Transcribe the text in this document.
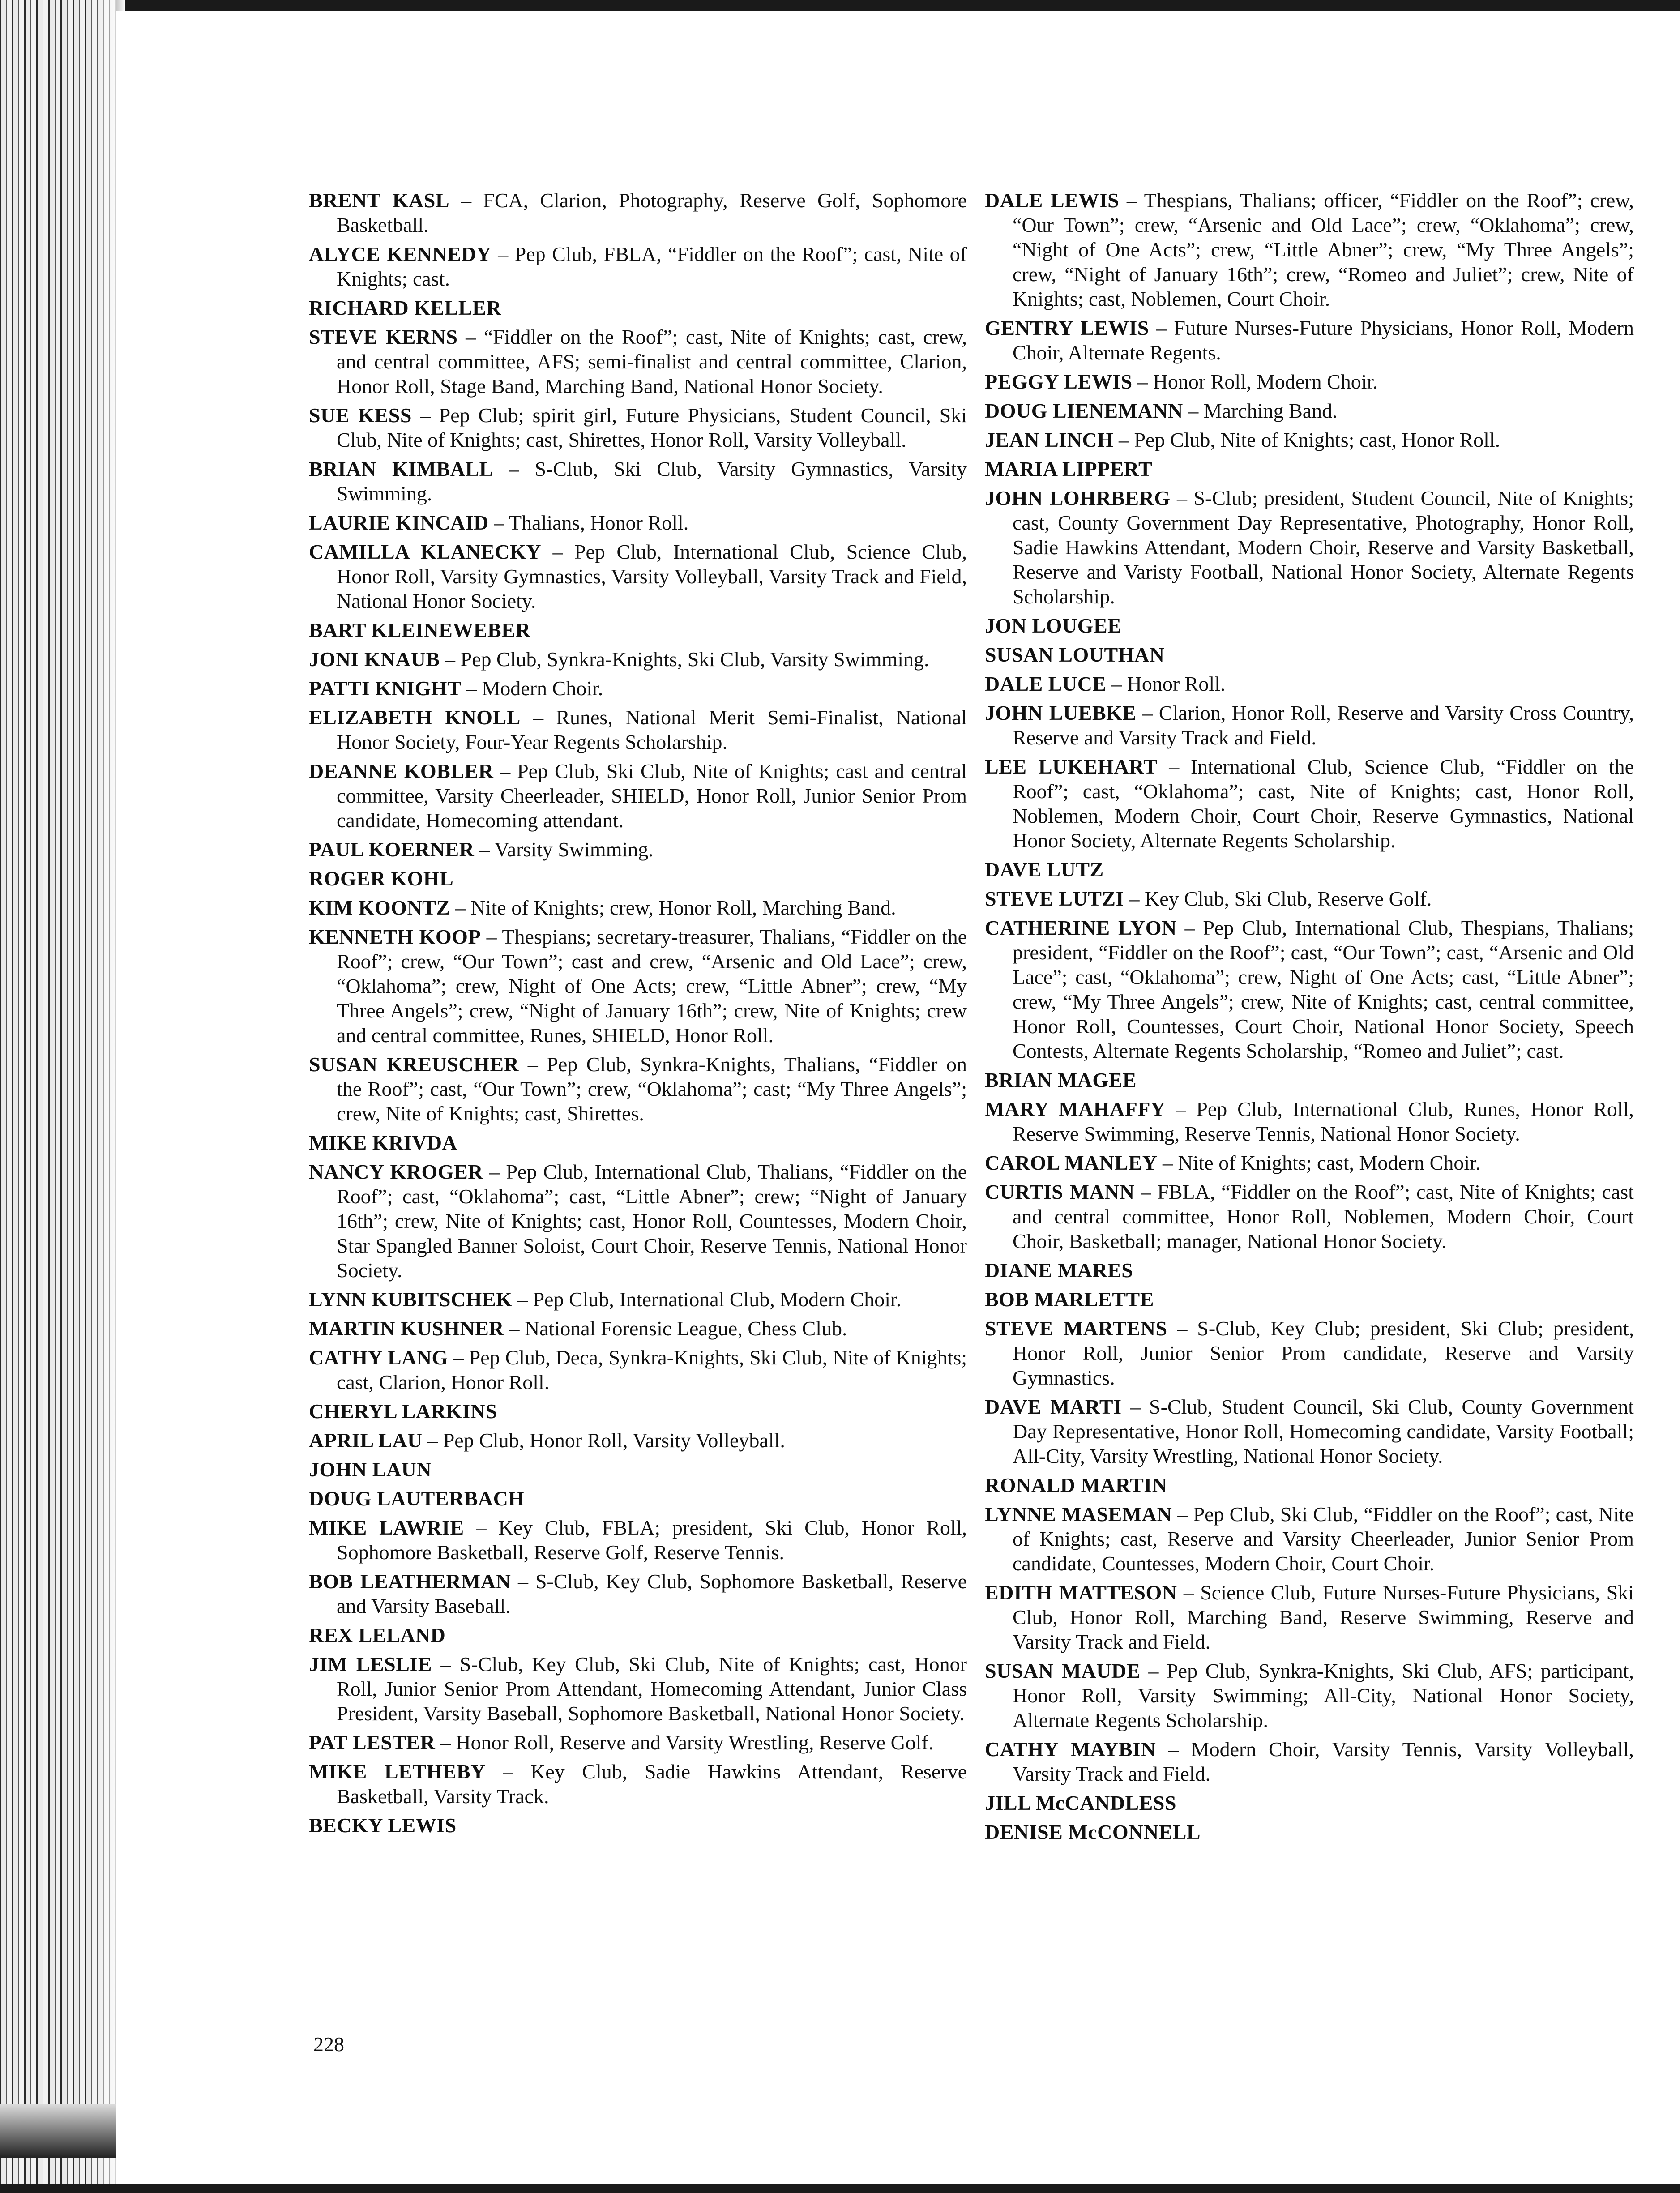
BRENT KASL – FCA, Clarion, Photography, Reserve Golf, Sophomore Basketball.

ALYCE KENNEDY – Pep Club, FBLA, “Fiddler on the Roof”; cast, Nite of Knights; cast.

RICHARD KELLER

STEVE KERNS – “Fiddler on the Roof”; cast, Nite of Knights; cast, crew, and central committee, AFS; semi-finalist and central committee, Clarion, Honor Roll, Stage Band, Marching Band, National Honor Society.

SUE KESS – Pep Club; spirit girl, Future Physicians, Student Council, Ski Club, Nite of Knights; cast, Shirettes, Honor Roll, Varsity Volleyball.

BRIAN KIMBALL – S-Club, Ski Club, Varsity Gymnastics, Varsity Swimming.

LAURIE KINCAID – Thalians, Honor Roll.

CAMILLA KLANECKY – Pep Club, International Club, Science Club, Honor Roll, Varsity Gymnastics, Varsity Volleyball, Varsity Track and Field, National Honor Society.

BART KLEINEWEBER

JONI KNAUB – Pep Club, Synkra-Knights, Ski Club, Varsity Swimming.

PATTI KNIGHT – Modern Choir.

ELIZABETH KNOLL – Runes, National Merit Semi-Finalist, National Honor Society, Four-Year Regents Scholarship.

DEANNE KOBLER – Pep Club, Ski Club, Nite of Knights; cast and central committee, Varsity Cheerleader, SHIELD, Honor Roll, Junior Senior Prom candidate, Homecoming attendant.

PAUL KOERNER – Varsity Swimming.

ROGER KOHL

KIM KOONTZ – Nite of Knights; crew, Honor Roll, Marching Band.

KENNETH KOOP – Thespians; secretary-treasurer, Thalians, “Fiddler on the Roof”; crew, “Our Town”; cast and crew, “Arsenic and Old Lace”; crew, “Oklahoma”; crew, Night of One Acts; crew, “Little Abner”; crew, “My Three Angels”; crew, “Night of January 16th”; crew, Nite of Knights; crew and central committee, Runes, SHIELD, Honor Roll.

SUSAN KREUSCHER – Pep Club, Synkra-Knights, Thalians, “Fiddler on the Roof”; cast, “Our Town”; crew, “Oklahoma”; cast; “My Three Angels”; crew, Nite of Knights; cast, Shirettes.

MIKE KRIVDA

NANCY KROGER – Pep Club, International Club, Thalians, “Fiddler on the Roof”; cast, “Oklahoma”; cast, “Little Abner”; crew; “Night of January 16th”; crew, Nite of Knights; cast, Honor Roll, Countesses, Modern Choir, Star Spangled Banner Soloist, Court Choir, Reserve Tennis, National Honor Society.

LYNN KUBITSCHEK – Pep Club, International Club, Modern Choir.

MARTIN KUSHNER – National Forensic League, Chess Club.

CATHY LANG – Pep Club, Deca, Synkra-Knights, Ski Club, Nite of Knights; cast, Clarion, Honor Roll.

CHERYL LARKINS

APRIL LAU – Pep Club, Honor Roll, Varsity Volleyball.

JOHN LAUN

DOUG LAUTERBACH

MIKE LAWRIE – Key Club, FBLA; president, Ski Club, Honor Roll, Sophomore Basketball, Reserve Golf, Reserve Tennis.

BOB LEATHERMAN – S-Club, Key Club, Sophomore Basketball, Reserve and Varsity Baseball.

REX LELAND

JIM LESLIE – S-Club, Key Club, Ski Club, Nite of Knights; cast, Honor Roll, Junior Senior Prom Attendant, Homecoming Attendant, Junior Class President, Varsity Baseball, Sophomore Basketball, National Honor Society.

PAT LESTER – Honor Roll, Reserve and Varsity Wrestling, Reserve Golf.

MIKE LETHEBY – Key Club, Sadie Hawkins Attendant, Reserve Basketball, Varsity Track.

BECKY LEWIS

DALE LEWIS – Thespians, Thalians; officer, “Fiddler on the Roof”; crew, “Our Town”; crew, “Arsenic and Old Lace”; crew, “Oklahoma”; crew, “Night of One Acts”; crew, “Little Abner”; crew, “My Three Angels”; crew, “Night of January 16th”; crew, “Romeo and Juliet”; crew, Nite of Knights; cast, Noblemen, Court Choir.

GENTRY LEWIS – Future Nurses-Future Physicians, Honor Roll, Modern Choir, Alternate Regents.

PEGGY LEWIS – Honor Roll, Modern Choir.

DOUG LIENEMANN – Marching Band.

JEAN LINCH – Pep Club, Nite of Knights; cast, Honor Roll.

MARIA LIPPERT

JOHN LOHRBERG – S-Club; president, Student Council, Nite of Knights; cast, County Government Day Representative, Photography, Honor Roll, Sadie Hawkins Attendant, Modern Choir, Reserve and Varsity Basketball, Reserve and Varisty Football, National Honor Society, Alternate Regents Scholarship.

JON LOUGEE

SUSAN LOUTHAN

DALE LUCE – Honor Roll.

JOHN LUEBKE – Clarion, Honor Roll, Reserve and Varsity Cross Country, Reserve and Varsity Track and Field.

LEE LUKEHART – International Club, Science Club, “Fiddler on the Roof”; cast, “Oklahoma”; cast, Nite of Knights; cast, Honor Roll, Noblemen, Modern Choir, Court Choir, Reserve Gymnastics, National Honor Society, Alternate Regents Scholarship.

DAVE LUTZ

STEVE LUTZI – Key Club, Ski Club, Reserve Golf.

CATHERINE LYON – Pep Club, International Club, Thespians, Thalians; president, “Fiddler on the Roof”; cast, “Our Town”; cast, “Arsenic and Old Lace”; cast, “Oklahoma”; crew, Night of One Acts; cast, “Little Abner”; crew, “My Three Angels”; crew, Nite of Knights; cast, central committee, Honor Roll, Countesses, Court Choir, National Honor Society, Speech Contests, Alternate Regents Scholarship, “Romeo and Juliet”; cast.

BRIAN MAGEE

MARY MAHAFFY – Pep Club, International Club, Runes, Honor Roll, Reserve Swimming, Reserve Tennis, National Honor Society.

CAROL MANLEY – Nite of Knights; cast, Modern Choir.

CURTIS MANN – FBLA, “Fiddler on the Roof”; cast, Nite of Knights; cast and central committee, Honor Roll, Noblemen, Modern Choir, Court Choir, Basketball; manager, National Honor Society.

DIANE MARES

BOB MARLETTE

STEVE MARTENS – S-Club, Key Club; president, Ski Club; president, Honor Roll, Junior Senior Prom candidate, Reserve and Varsity Gymnastics.

DAVE MARTI – S-Club, Student Council, Ski Club, County Government Day Representative, Honor Roll, Homecoming candidate, Varsity Football; All-City, Varsity Wrestling, National Honor Society.

RONALD MARTIN

LYNNE MASEMAN – Pep Club, Ski Club, “Fiddler on the Roof”; cast, Nite of Knights; cast, Reserve and Varsity Cheerleader, Junior Senior Prom candidate, Countesses, Modern Choir, Court Choir.

EDITH MATTESON – Science Club, Future Nurses-Future Physicians, Ski Club, Honor Roll, Marching Band, Reserve Swimming, Reserve and Varsity Track and Field.

SUSAN MAUDE – Pep Club, Synkra-Knights, Ski Club, AFS; participant, Honor Roll, Varsity Swimming; All-City, National Honor Society, Alternate Regents Scholarship.

CATHY MAYBIN – Modern Choir, Varsity Tennis, Varsity Volleyball, Varsity Track and Field.

JILL McCANDLESS

DENISE McCONNELL

228
